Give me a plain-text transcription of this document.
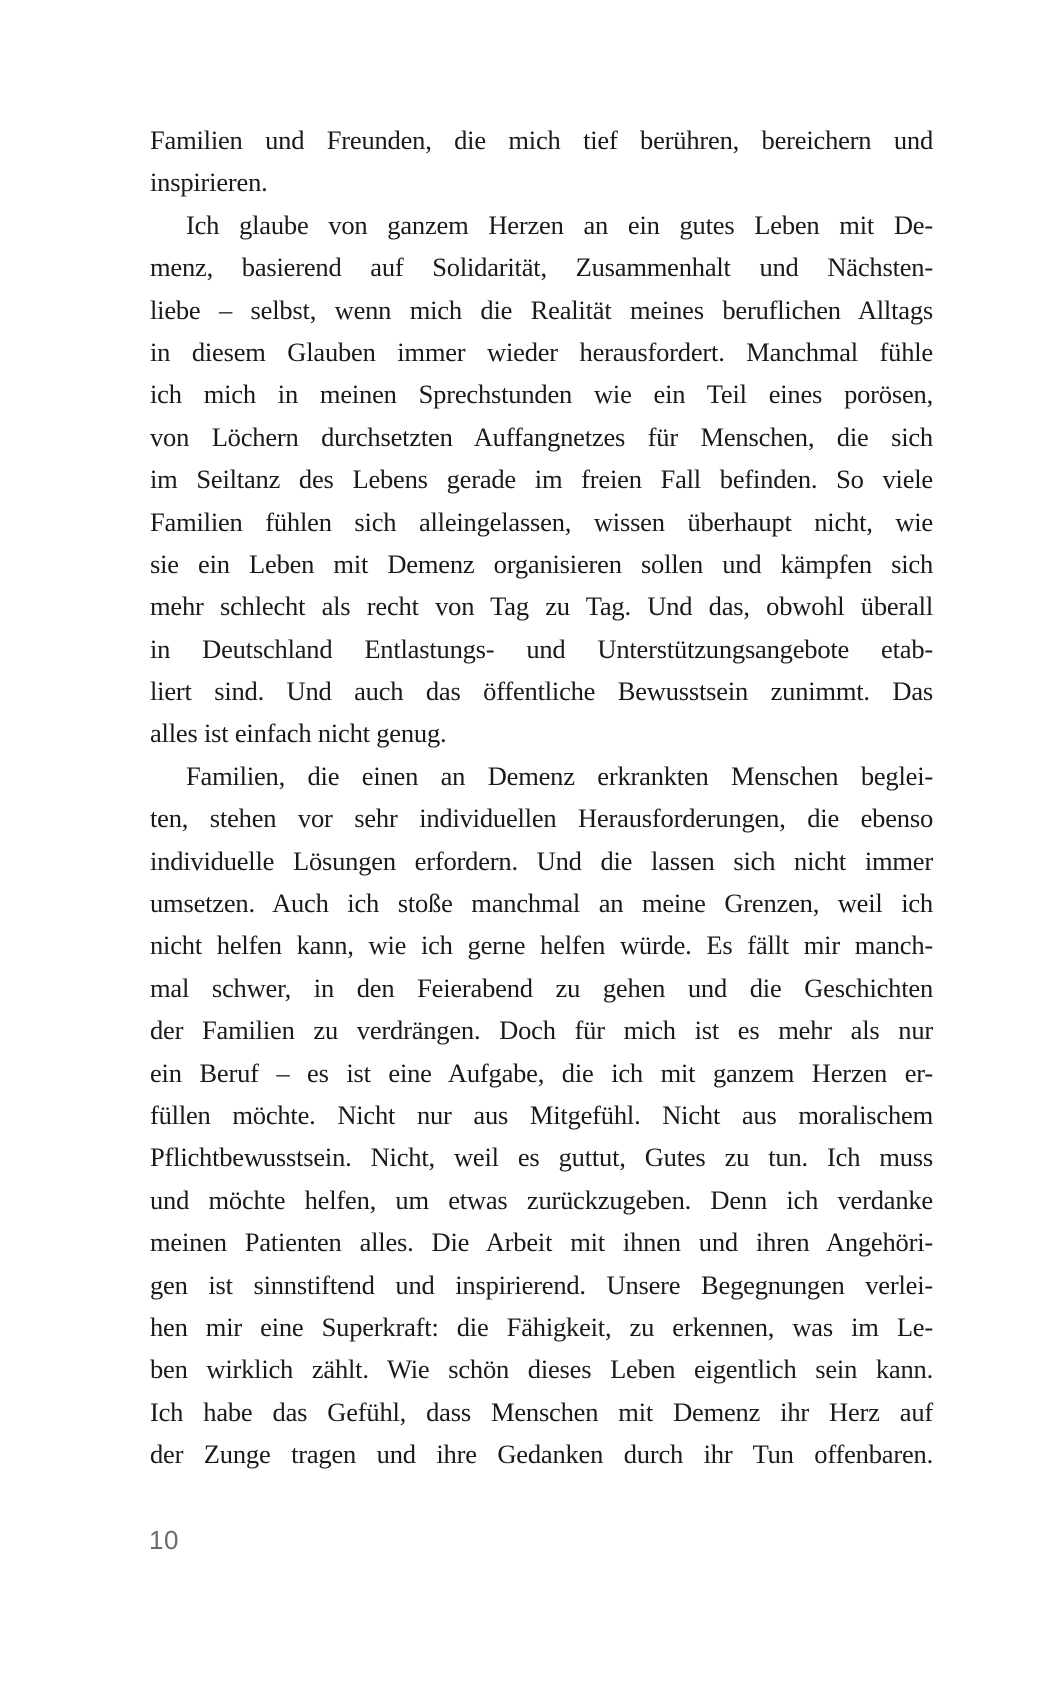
Familien und Freunden, die mich tief berühren, bereichern und
inspirieren.
Ich glaube von ganzem Herzen an ein gutes Leben mit De-
menz, basierend auf Solidarität, Zusammenhalt und Nächsten-
liebe – selbst, wenn mich die Realität meines beruflichen Alltags
in diesem Glauben immer wieder herausfordert. Manchmal fühle
ich mich in meinen Sprechstunden wie ein Teil eines porösen,
von Löchern durchsetzten Auffangnetzes für Menschen, die sich
im Seiltanz des Lebens gerade im freien Fall befinden. So viele
Familien fühlen sich alleingelassen, wissen überhaupt nicht, wie
sie ein Leben mit Demenz organisieren sollen und kämpfen sich
mehr schlecht als recht von Tag zu Tag. Und das, obwohl überall
in Deutschland Entlastungs- und Unterstützungsangebote etab-
liert sind. Und auch das öffentliche Bewusstsein zunimmt. Das
alles ist einfach nicht genug.
Familien, die einen an Demenz erkrankten Menschen beglei-
ten, stehen vor sehr individuellen Herausforderungen, die ebenso
individuelle Lösungen erfordern. Und die lassen sich nicht immer
umsetzen. Auch ich stoße manchmal an meine Grenzen, weil ich
nicht helfen kann, wie ich gerne helfen würde. Es fällt mir manch-
mal schwer, in den Feierabend zu gehen und die Geschichten
der Familien zu verdrängen. Doch für mich ist es mehr als nur
ein Beruf – es ist eine Aufgabe, die ich mit ganzem Herzen er-
füllen möchte. Nicht nur aus Mitgefühl. Nicht aus moralischem
Pflichtbewusstsein. Nicht, weil es guttut, Gutes zu tun. Ich muss
und möchte helfen, um etwas zurückzugeben. Denn ich verdanke
meinen Patienten alles. Die Arbeit mit ihnen und ihren Angehöri-
gen ist sinnstiftend und inspirierend. Unsere Begegnungen verlei-
hen mir eine Superkraft: die Fähigkeit, zu erkennen, was im Le-
ben wirklich zählt. Wie schön dieses Leben eigentlich sein kann.
Ich habe das Gefühl, dass Menschen mit Demenz ihr Herz auf
der Zunge tragen und ihre Gedanken durch ihr Tun offenbaren.
10
